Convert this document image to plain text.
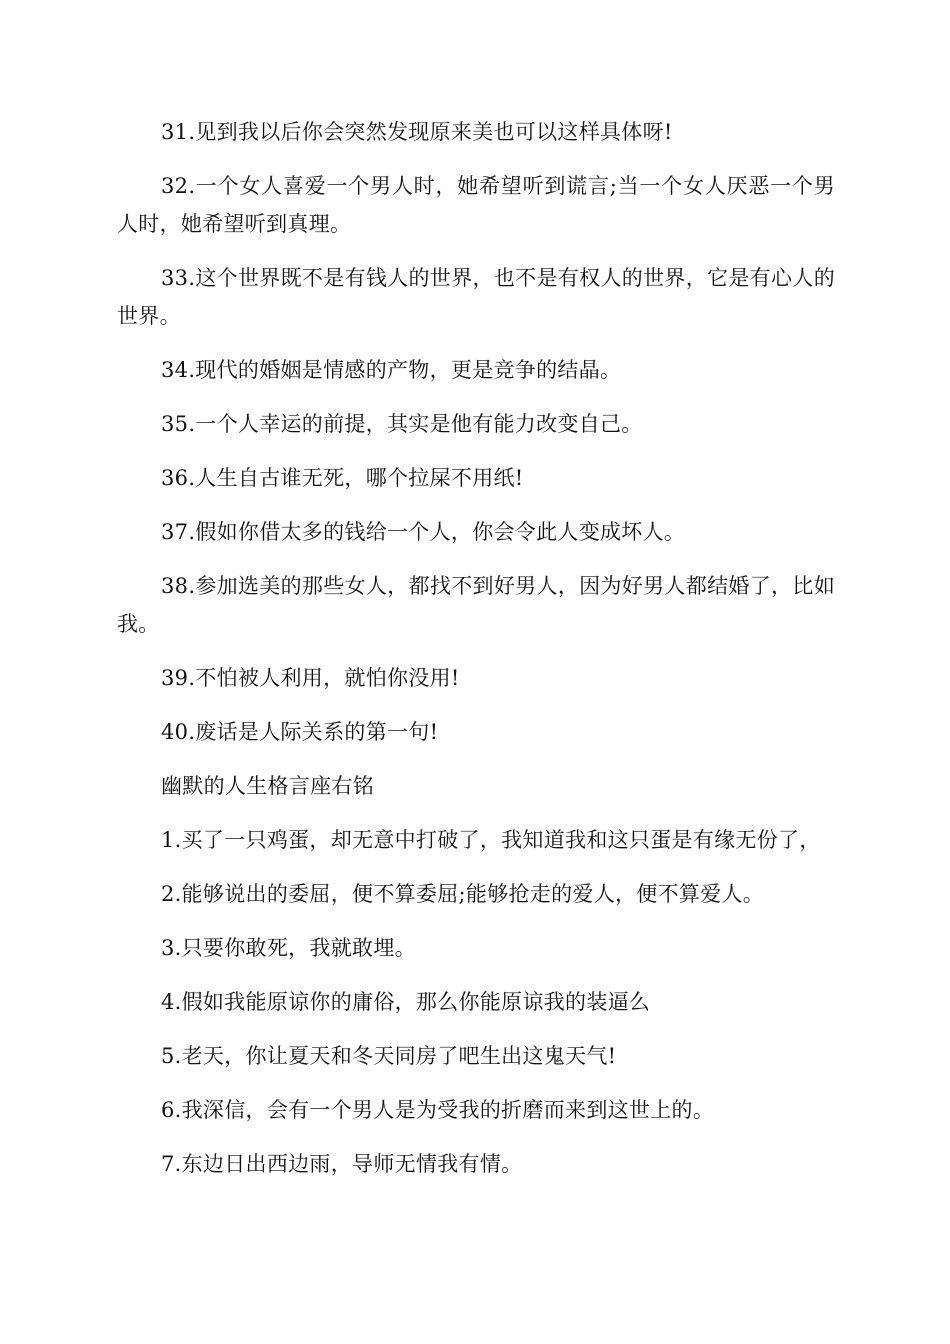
31.见到我以后你会突然发现原来美也可以这样具体呀!

32.一个女人喜爱一个男人时，她希望听到谎言;当一个女人厌恶一个男人时，她希望听到真理。

33.这个世界既不是有钱人的世界，也不是有权人的世界，它是有心人的世界。

34.现代的婚姻是情感的产物，更是竞争的结晶。

35.一个人幸运的前提，其实是他有能力改变自己。

36.人生自古谁无死，哪个拉屎不用纸!

37.假如你借太多的钱给一个人，你会令此人变成坏人。

38.参加选美的那些女人，都找不到好男人，因为好男人都结婚了，比如我。

39.不怕被人利用，就怕你没用!

40.废话是人际关系的第一句!

幽默的人生格言座右铭

1.买了一只鸡蛋，却无意中打破了，我知道我和这只蛋是有缘无份了，

2.能够说出的委屈，便不算委屈;能够抢走的爱人，便不算爱人。

3.只要你敢死，我就敢埋。

4.假如我能原谅你的庸俗，那么你能原谅我的装逼么

5.老天，你让夏天和冬天同房了吧生出这鬼天气!

6.我深信，会有一个男人是为受我的折磨而来到这世上的。

7.东边日出西边雨，导师无情我有情。
